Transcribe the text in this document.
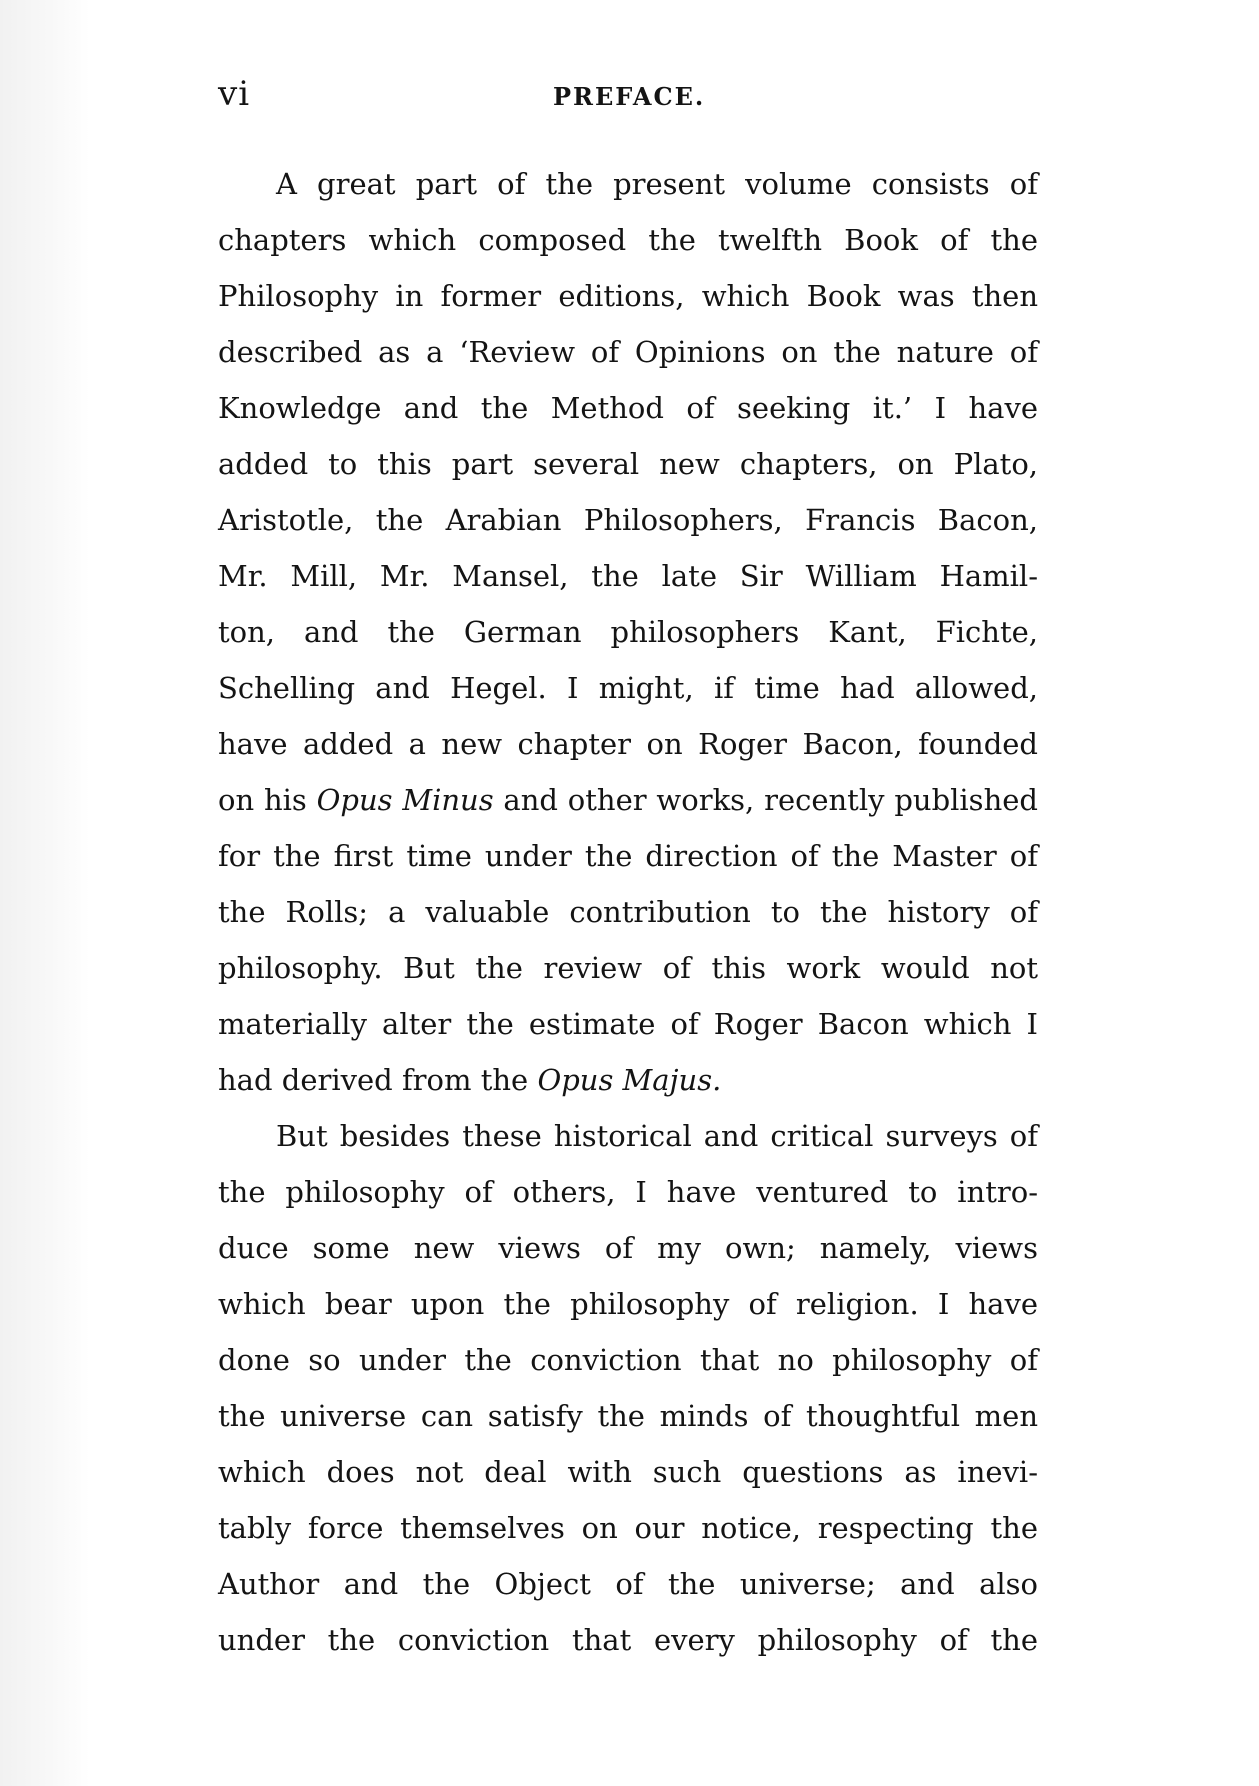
vi	PREFACE.
A great part of the present volume consists of
chapters which composed the twelfth Book of the
Philosophy in former editions, which Book was then
described as a ‘Review of Opinions on the nature of
Knowledge and the Method of seeking it.’ I have
added to this part several new chapters, on Plato,
Aristotle, the Arabian Philosophers, Francis Bacon,
Mr. Mill, Mr. Mansel, the late Sir William Hamil-
ton, and the German philosophers Kant, Fichte,
Schelling and Hegel. I might, if time had allowed,
have added a new chapter on Roger Bacon, founded
on his Opus Minus and other works, recently published
for the first time under the direction of the Master of
the Rolls; a valuable contribution to the history of
philosophy. But the review of this work would not
materially alter the estimate of Roger Bacon which I
had derived from the Opus Majus.
But besides these historical and critical surveys of
the philosophy of others, I have ventured to intro-
duce some new views of my own; namely, views
which bear upon the philosophy of religion. I have
done so under the conviction that no philosophy of
the universe can satisfy the minds of thoughtful men
which does not deal with such questions as inevi-
tably force themselves on our notice, respecting the
Author and the Object of the universe; and also
under the conviction that every philosophy of the
